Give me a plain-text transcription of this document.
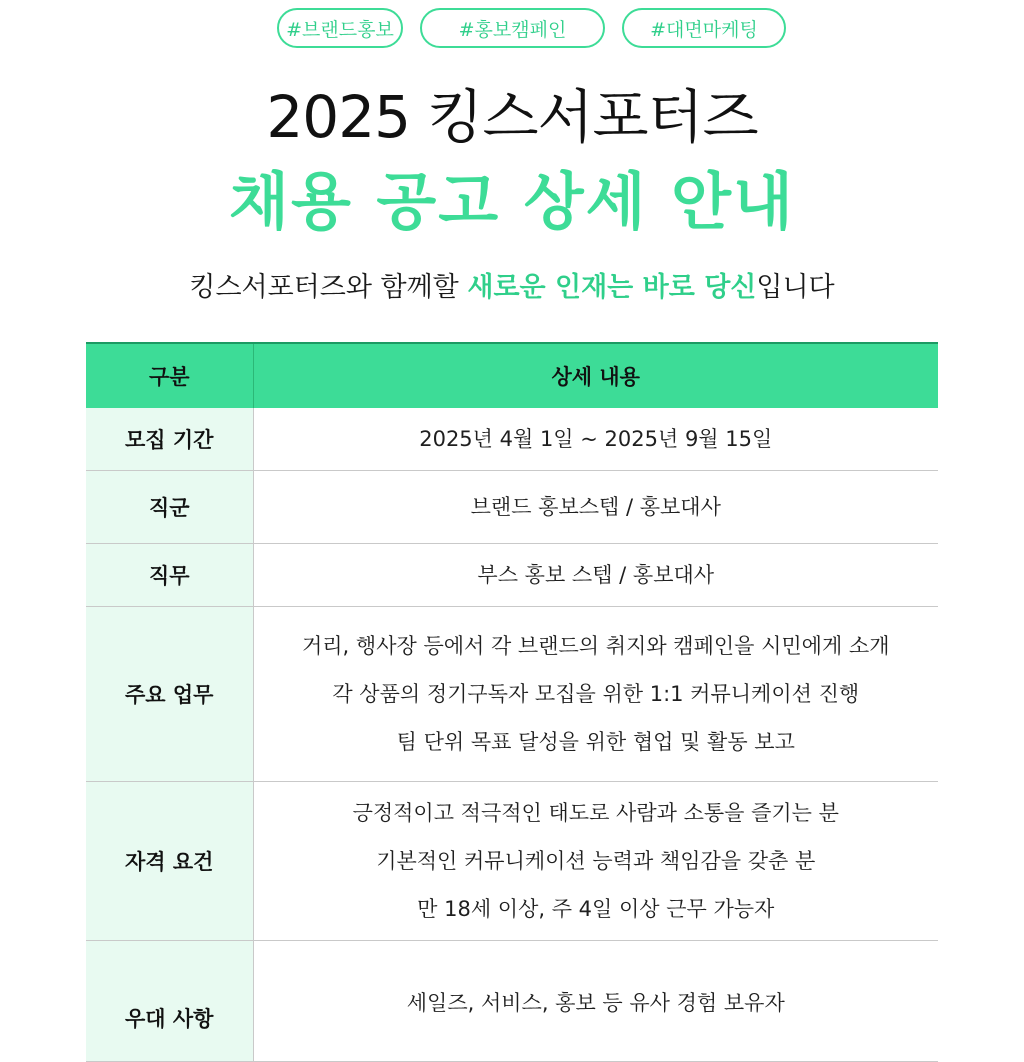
#브랜드홍보	#홍보캠페인	#대면마케팅
2025 킹스서포터즈
채용 공고 상세 안내
킹스서포터즈와 함께할 새로운 인재는 바로 당신입니다
구분	상세 내용
모집 기간	2025년 4월 1일 ~ 2025년 9월 15일

직군	브랜드 홍보스텝 / 홍보대사

직무	부스 홍보 스텝 / 홍보대사

주요 업무	거리, 행사장 등에서 각 브랜드의 취지와 캠페인을 시민에게 소개
각 상품의 정기구독자 모집을 위한 1:1 커뮤니케이션 진행
팀 단위 목표 달성을 위한 협업 및 활동 보고

자격 요건	긍정적이고 적극적인 태도로 사람과 소통을 즐기는 분
기본적인 커뮤니케이션 능력과 책임감을 갖춘 분
만 18세 이상, 주 4일 이상 근무 가능자

우대 사항	세일즈, 서비스, 홍보 등 유사 경험 보유자
